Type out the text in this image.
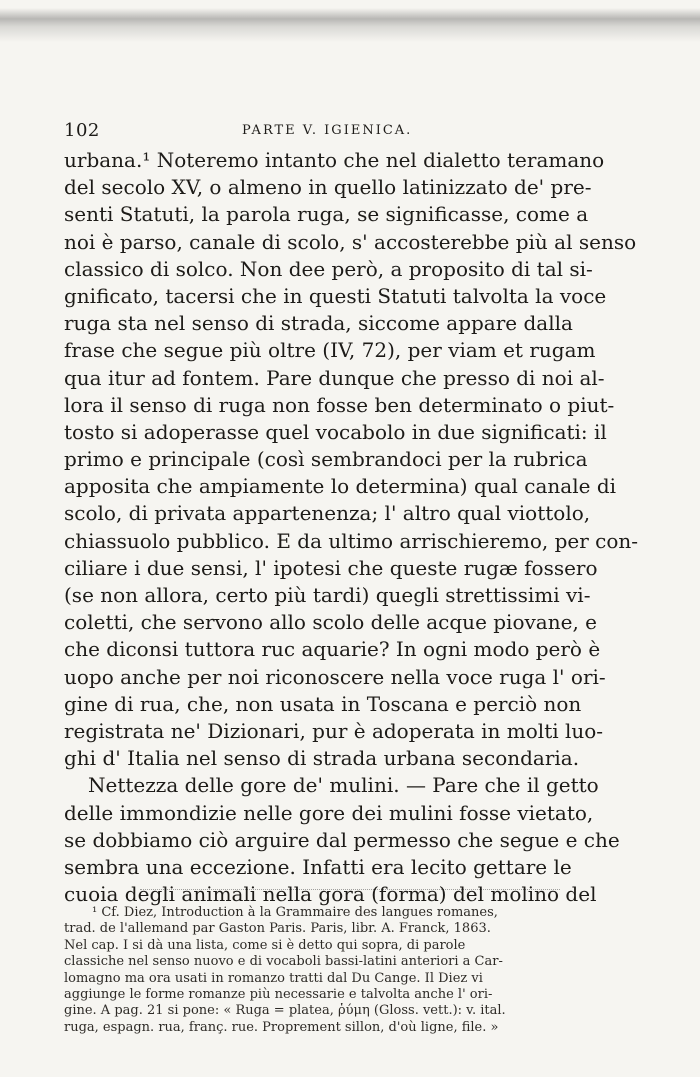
102	PARTE V. IGIENICA.
urbana.¹ Noteremo intanto che nel dialetto teramano
del secolo XV, o almeno in quello latinizzato de' pre-
senti Statuti, la parola ruga, se significasse, come a
noi è parso, canale di scolo, s' accosterebbe più al senso
classico di solco. Non dee però, a proposito di tal si-
gnificato, tacersi che in questi Statuti talvolta la voce
ruga sta nel senso di strada, siccome appare dalla
frase che segue più oltre (IV, 72), per viam et rugam
qua itur ad fontem. Pare dunque che presso di noi al-
lora il senso di ruga non fosse ben determinato o piut-
tosto si adoperasse quel vocabolo in due significati: il
primo e principale (così sembrandoci per la rubrica
apposita che ampiamente lo determina) qual canale di
scolo, di privata appartenenza; l' altro qual viottolo,
chiassuolo pubblico. E da ultimo arrischieremo, per con-
ciliare i due sensi, l' ipotesi che queste rugæ fossero
(se non allora, certo più tardi) quegli strettissimi vi-
coletti, che servono allo scolo delle acque piovane, e
che diconsi tuttora ruc aquarie? In ogni modo però è
uopo anche per noi riconoscere nella voce ruga l' ori-
gine di rua, che, non usata in Toscana e perciò non
registrata ne' Dizionari, pur è adoperata in molti luo-
ghi d' Italia nel senso di strada urbana secondaria.
Nettezza delle gore de' mulini. — Pare che il getto
delle immondizie nelle gore dei mulini fosse vietato,
se dobbiamo ciò arguire dal permesso che segue e che
sembra una eccezione. Infatti era lecito gettare le
cuoia degli animali nella gora (forma) del molino del
¹ Cf. Diez, Introduction à la Grammaire des langues romanes,
trad. de l'allemand par Gaston Paris. Paris, libr. A. Franck, 1863.
Nel cap. I si dà una lista, come si è detto qui sopra, di parole
classiche nel senso nuovo e di vocaboli bassi-latini anteriori a Car-
lomagno ma ora usati in romanzo tratti dal Du Cange. Il Diez vi
aggiunge le forme romanze più necessarie e talvolta anche l' ori-
gine. A pag. 21 si pone: « Ruga = platea, ῥύμη (Gloss. vett.): v. ital.
ruga, espagn. rua, franç. rue. Proprement sillon, d'où ligne, file. »
